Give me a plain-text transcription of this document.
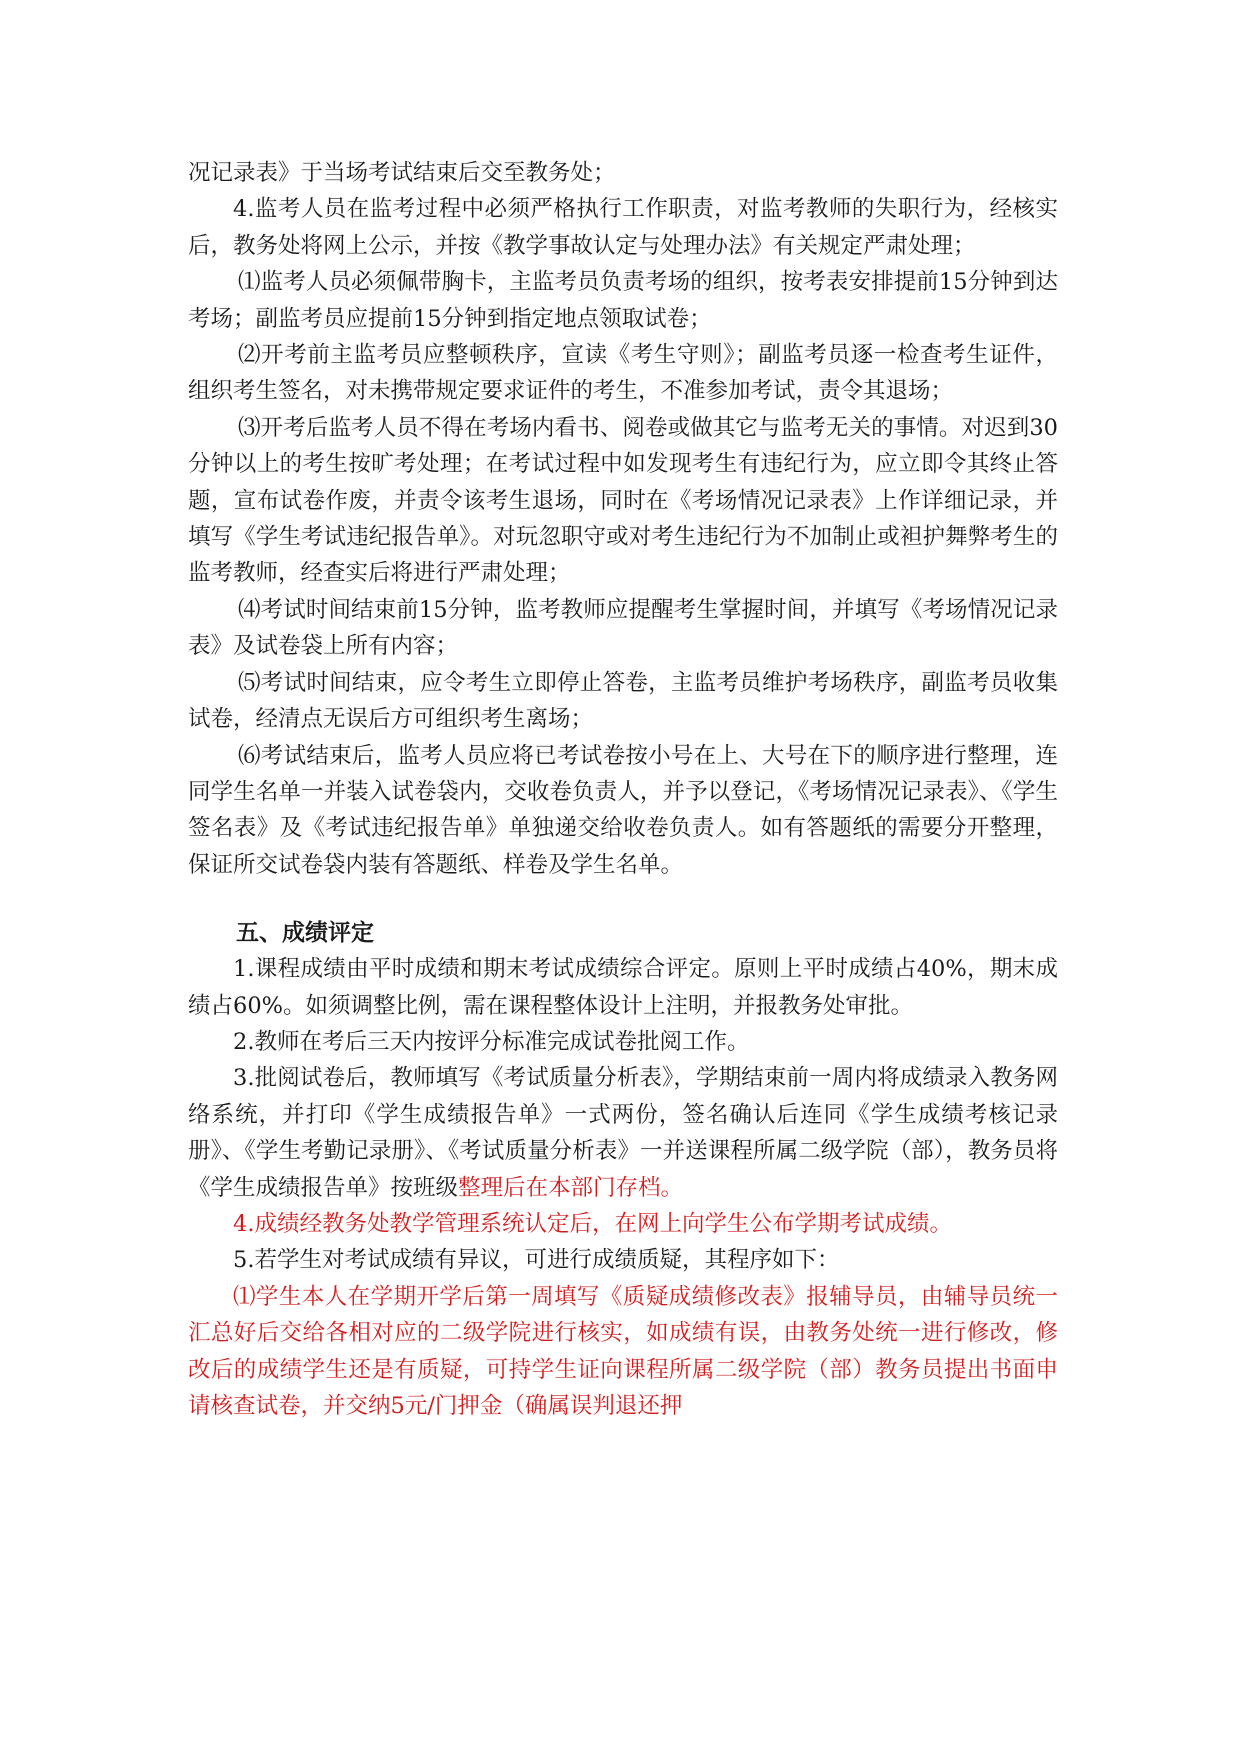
况记录表》于当场考试结束后交至教务处；

4.监考人员在监考过程中必须严格执行工作职责，对监考教师的失职行为，经核实后，教务处将网上公示，并按《教学事故认定与处理办法》有关规定严肃处理；

⑴监考人员必须佩带胸卡，主监考员负责考场的组织，按考表安排提前15分钟到达考场；副监考员应提前15分钟到指定地点领取试卷；

⑵开考前主监考员应整顿秩序，宣读《考生守则》；副监考员逐一检查考生证件，组织考生签名，对未携带规定要求证件的考生，不准参加考试，责令其退场；

⑶开考后监考人员不得在考场内看书、阅卷或做其它与监考无关的事情。对迟到30分钟以上的考生按旷考处理；在考试过程中如发现考生有违纪行为，应立即令其终止答题，宣布试卷作废，并责令该考生退场，同时在《考场情况记录表》上作详细记录，并填写《学生考试违纪报告单》。对玩忽职守或对考生违纪行为不加制止或袒护舞弊考生的监考教师，经查实后将进行严肃处理；

⑷考试时间结束前15分钟，监考教师应提醒考生掌握时间，并填写《考场情况记录表》及试卷袋上所有内容；

⑸考试时间结束，应令考生立即停止答卷，主监考员维护考场秩序，副监考员收集试卷，经清点无误后方可组织考生离场；

⑹考试结束后，监考人员应将已考试卷按小号在上、大号在下的顺序进行整理，连同学生名单一并装入试卷袋内，交收卷负责人，并予以登记，《考场情况记录表》、《学生签名表》及《考试违纪报告单》单独递交给收卷负责人。如有答题纸的需要分开整理，保证所交试卷袋内装有答题纸、样卷及学生名单。

五、成绩评定

1.课程成绩由平时成绩和期末考试成绩综合评定。原则上平时成绩占40%，期末成绩占60%。如须调整比例，需在课程整体设计上注明，并报教务处审批。

2.教师在考后三天内按评分标准完成试卷批阅工作。

3.批阅试卷后，教师填写《考试质量分析表》，学期结束前一周内将成绩录入教务网络系统，并打印《学生成绩报告单》一式两份，签名确认后连同《学生成绩考核记录册》、《学生考勤记录册》、《考试质量分析表》一并送课程所属二级学院（部），教务员将《学生成绩报告单》按班级整理后在本部门存档。

4.成绩经教务处教学管理系统认定后，在网上向学生公布学期考试成绩。

5.若学生对考试成绩有异议，可进行成绩质疑，其程序如下：

⑴学生本人在学期开学后第一周填写《质疑成绩修改表》报辅导员，由辅导员统一汇总好后交给各相对应的二级学院进行核实，如成绩有误，由教务处统一进行修改，修改后的成绩学生还是有质疑，可持学生证向课程所属二级学院（部）教务员提出书面申请核查试卷，并交纳5元/门押金（确属误判退还押
